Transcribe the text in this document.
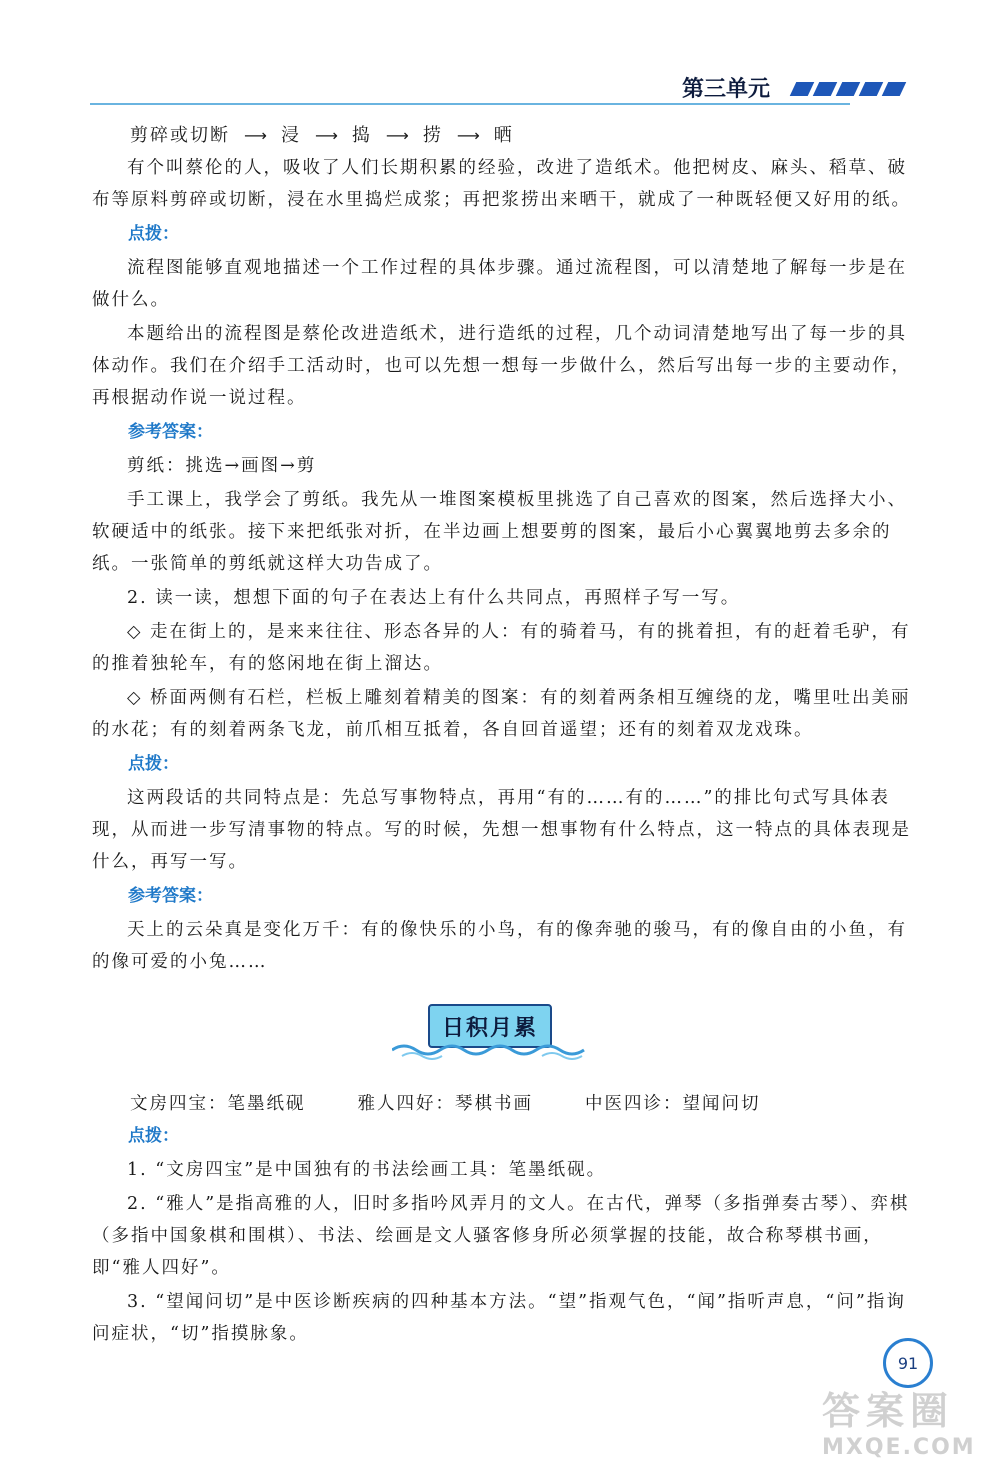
第三单元
剪碎或切断 ⟶ 浸 ⟶ 捣 ⟶ 捞 ⟶ 晒

有个叫蔡伦的人，吸收了人们长期积累的经验，改进了造纸术。他把树皮、麻头、稻草、破布等原料剪碎或切断，浸在水里捣烂成浆；再把浆捞出来晒干，就成了一种既轻便又好用的纸。

点拨：

流程图能够直观地描述一个工作过程的具体步骤。通过流程图，可以清楚地了解每一步是在做什么。

本题给出的流程图是蔡伦改进造纸术，进行造纸的过程，几个动词清楚地写出了每一步的具体动作。我们在介绍手工活动时，也可以先想一想每一步做什么，然后写出每一步的主要动作，再根据动作说一说过程。

参考答案：

剪纸：挑选→画图→剪

手工课上，我学会了剪纸。我先从一堆图案模板里挑选了自己喜欢的图案，然后选择大小、软硬适中的纸张。接下来把纸张对折，在半边画上想要剪的图案，最后小心翼翼地剪去多余的纸。一张简单的剪纸就这样大功告成了。

2. 读一读，想想下面的句子在表达上有什么共同点，再照样子写一写。

◇ 走在街上的，是来来往往、形态各异的人：有的骑着马，有的挑着担，有的赶着毛驴，有的推着独轮车，有的悠闲地在街上溜达。

◇ 桥面两侧有石栏，栏板上雕刻着精美的图案：有的刻着两条相互缠绕的龙，嘴里吐出美丽的水花；有的刻着两条飞龙，前爪相互抵着，各自回首遥望；还有的刻着双龙戏珠。

点拨：

这两段话的共同特点是：先总写事物特点，再用“有的……有的……”的排比句式写具体表现，从而进一步写清事物的特点。写的时候，先想一想事物有什么特点，这一特点的具体表现是什么，再写一写。

参考答案：

天上的云朵真是变化万千：有的像快乐的小鸟，有的像奔驰的骏马，有的像自由的小鱼，有的像可爱的小兔……

日积月累
文房四宝：笔墨纸砚	雅人四好：琴棋书画	中医四诊：望闻问切
点拨：

1. “文房四宝”是中国独有的书法绘画工具：笔墨纸砚。

2. “雅人”是指高雅的人，旧时多指吟风弄月的文人。在古代，弹琴（多指弹奏古琴）、弈棋（多指中国象棋和围棋）、书法、绘画是文人骚客修身所必须掌握的技能，故合称琴棋书画，即“雅人四好”。

3. “望闻问切”是中医诊断疾病的四种基本方法。“望”指观气色，“闻”指听声息，“问”指询问症状，“切”指摸脉象。

91
答案圈
MXQE.COM
